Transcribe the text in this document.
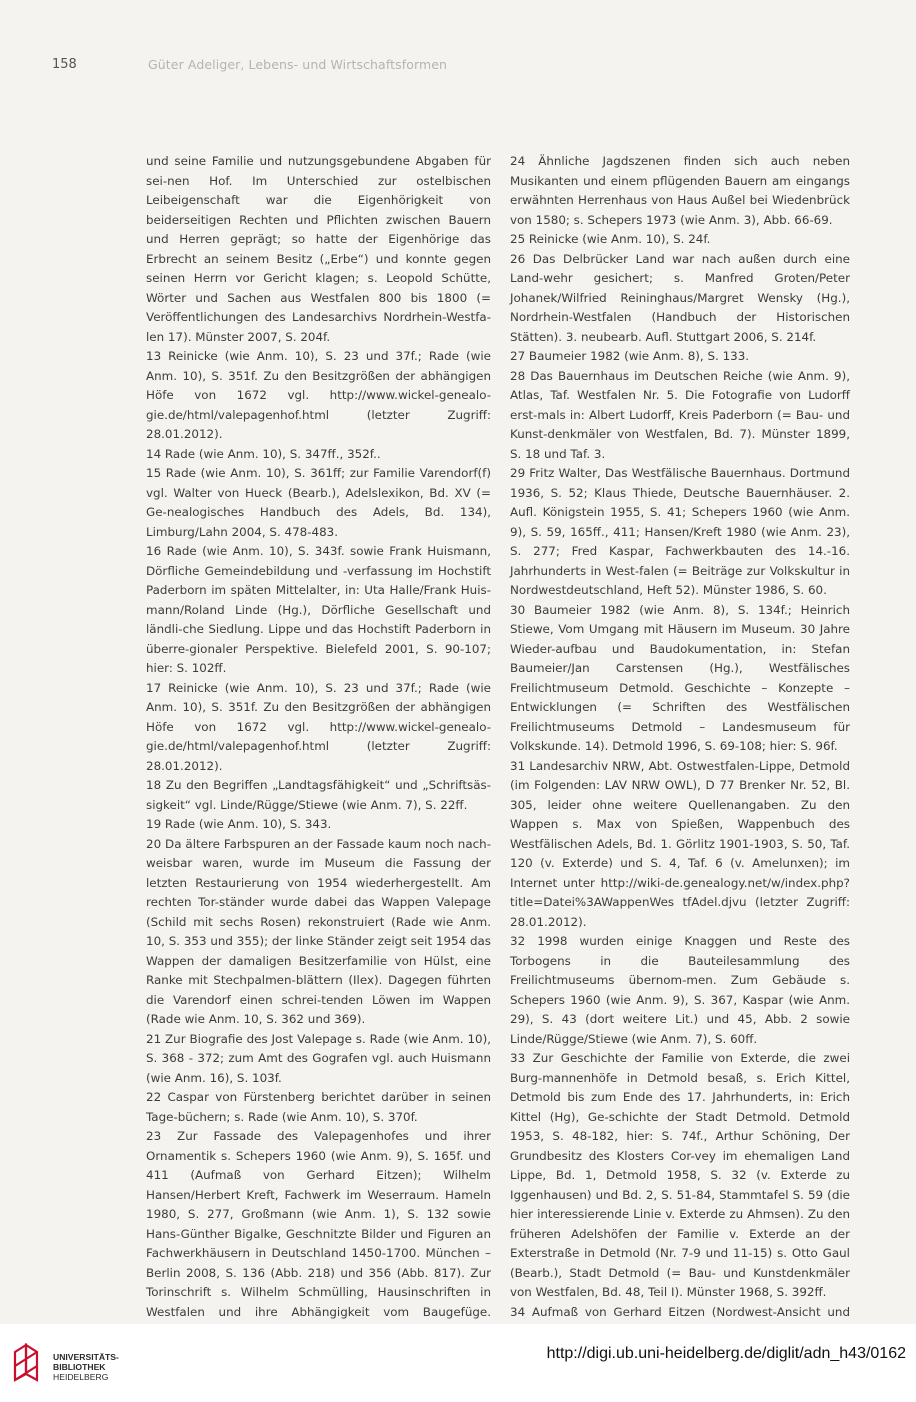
158	Güter Adeliger, Lebens- und Wirtschaftsformen

und seine Familie und nutzungsgebundene Abgaben für sei-nen Hof. Im Unterschied zur ostelbischen Leibeigenschaft war die Eigenhörigkeit von beiderseitigen Rechten und Pflichten zwischen Bauern und Herren geprägt; so hatte der Eigenhörige das Erbrecht an seinem Besitz („Erbe“) und konnte gegen seinen Herrn vor Gericht klagen; s. Leopold Schütte, Wörter und Sachen aus Westfalen 800 bis 1800 (= Veröffentlichungen des Landesarchivs Nordrhein-Westfa-len 17). Münster 2007, S. 204f.

13 Reinicke (wie Anm. 10), S. 23 und 37f.; Rade (wie Anm. 10), S. 351f. Zu den Besitzgrößen der abhängigen Höfe von 1672 vgl. http://www.wickel-genealo-gie.de/html/valepagenhof.html (letzter Zugriff: 28.01.2012).

14 Rade (wie Anm. 10), S. 347ff., 352f..

15 Rade (wie Anm. 10), S. 361ff; zur Familie Varendorf(f) vgl. Walter von Hueck (Bearb.), Adelslexikon, Bd. XV (= Ge-nealogisches Handbuch des Adels, Bd. 134), Limburg/Lahn 2004, S. 478-483.

16 Rade (wie Anm. 10), S. 343f. sowie Frank Huismann, Dörfliche Gemeindebildung und -verfassung im Hochstift Paderborn im späten Mittelalter, in: Uta Halle/Frank Huis-mann/Roland Linde (Hg.), Dörfliche Gesellschaft und ländli-che Siedlung. Lippe und das Hochstift Paderborn in überre-gionaler Perspektive. Bielefeld 2001, S. 90-107; hier: S. 102ff.

17 Reinicke (wie Anm. 10), S. 23 und 37f.; Rade (wie Anm. 10), S. 351f. Zu den Besitzgrößen der abhängigen Höfe von 1672 vgl. http://www.wickel-genealo-gie.de/html/valepagenhof.html (letzter Zugriff: 28.01.2012).

18 Zu den Begriffen „Landtagsfähigkeit“ und „Schriftsäs-sigkeit“ vgl. Linde/Rügge/Stiewe (wie Anm. 7), S. 22ff.

19 Rade (wie Anm. 10), S. 343.

20 Da ältere Farbspuren an der Fassade kaum noch nach-weisbar waren, wurde im Museum die Fassung der letzten Restaurierung von 1954 wiederhergestellt. Am rechten Tor-ständer wurde dabei das Wappen Valepage (Schild mit sechs Rosen) rekonstruiert (Rade wie Anm. 10, S. 353 und 355); der linke Ständer zeigt seit 1954 das Wappen der damaligen Besitzerfamilie von Hülst, eine Ranke mit Stechpalmen-blättern (Ilex). Dagegen führten die Varendorf einen schrei-tenden Löwen im Wappen (Rade wie Anm. 10, S. 362 und 369).

21 Zur Biografie des Jost Valepage s. Rade (wie Anm. 10), S. 368 - 372; zum Amt des Gografen vgl. auch Huismann (wie Anm. 16), S. 103f.

22 Caspar von Fürstenberg berichtet darüber in seinen Tage-büchern; s. Rade (wie Anm. 10), S. 370f.

23 Zur Fassade des Valepagenhofes und ihrer Ornamentik s. Schepers 1960 (wie Anm. 9), S. 165f. und 411 (Aufmaß von Gerhard Eitzen); Wilhelm Hansen/Herbert Kreft, Fachwerk im Weserraum. Hameln 1980, S. 277, Großmann (wie Anm. 1), S. 132 sowie Hans-Günther Bigalke, Geschnitzte Bilder und Figuren an Fachwerkhäusern in Deutschland 1450-1700. München – Berlin 2008, S. 136 (Abb. 218) und 356 (Abb. 817). Zur Torinschrift s. Wilhelm Schmülling, Hausinschriften in Westfalen und ihre Abhängigkeit vom Baugefüge.

24 Ähnliche Jagdszenen finden sich auch neben Musikanten und einem pflügenden Bauern am eingangs erwähnten Herrenhaus von Haus Außel bei Wiedenbrück von 1580; s. Schepers 1973 (wie Anm. 3), Abb. 66-69.

25 Reinicke (wie Anm. 10), S. 24f.

26 Das Delbrücker Land war nach außen durch eine Land-wehr gesichert; s. Manfred Groten/Peter Johanek/Wilfried Reininghaus/Margret Wensky (Hg.), Nordrhein-Westfalen (Handbuch der Historischen Stätten). 3. neubearb. Aufl. Stuttgart 2006, S. 214f.

27 Baumeier 1982 (wie Anm. 8), S. 133.

28 Das Bauernhaus im Deutschen Reiche (wie Anm. 9), Atlas, Taf. Westfalen Nr. 5. Die Fotografie von Ludorff erst-mals in: Albert Ludorff, Kreis Paderborn (= Bau- und Kunst-denkmäler von Westfalen, Bd. 7). Münster 1899, S. 18 und Taf. 3.

29 Fritz Walter, Das Westfälische Bauernhaus. Dortmund 1936, S. 52; Klaus Thiede, Deutsche Bauernhäuser. 2. Aufl. Königstein 1955, S. 41; Schepers 1960 (wie Anm. 9), S. 59, 165ff., 411; Hansen/Kreft 1980 (wie Anm. 23), S. 277; Fred Kaspar, Fachwerkbauten des 14.-16. Jahrhunderts in West-falen (= Beiträge zur Volkskultur in Nordwestdeutschland, Heft 52). Münster 1986, S. 60.

30 Baumeier 1982 (wie Anm. 8), S. 134f.; Heinrich Stiewe, Vom Umgang mit Häusern im Museum. 30 Jahre Wieder-aufbau und Baudokumentation, in: Stefan Baumeier/Jan Carstensen (Hg.), Westfälisches Freilichtmuseum Detmold. Geschichte – Konzepte – Entwicklungen (= Schriften des Westfälischen Freilichtmuseums Detmold – Landesmuseum für Volkskunde. 14). Detmold 1996, S. 69-108; hier: S. 96f.

31 Landesarchiv NRW, Abt. Ostwestfalen-Lippe, Detmold (im Folgenden: LAV NRW OWL), D 77 Brenker Nr. 52, Bl. 305, leider ohne weitere Quellenangaben. Zu den Wappen s. Max von Spießen, Wappenbuch des Westfälischen Adels, Bd. 1. Görlitz 1901-1903, S. 50, Taf. 120 (v. Exterde) und S. 4, Taf. 6 (v. Amelunxen); im Internet unter http://wiki-de.genealogy.net/w/index.php?title=Datei%3AWappenWes tfAdel.djvu (letzter Zugriff: 28.01.2012).

32 1998 wurden einige Knaggen und Reste des Torbogens in die Bauteilesammlung des Freilichtmuseums übernom-men. Zum Gebäude s. Schepers 1960 (wie Anm. 9), S. 367, Kaspar (wie Anm. 29), S. 43 (dort weitere Lit.) und 45, Abb. 2 sowie Linde/Rügge/Stiewe (wie Anm. 7), S. 60ff.

33 Zur Geschichte der Familie von Exterde, die zwei Burg-mannenhöfe in Detmold besaß, s. Erich Kittel, Detmold bis zum Ende des 17. Jahrhunderts, in: Erich Kittel (Hg), Ge-schichte der Stadt Detmold. Detmold 1953, S. 48-182, hier: S. 74f., Arthur Schöning, Der Grundbesitz des Klosters Cor-vey im ehemaligen Land Lippe, Bd. 1, Detmold 1958, S. 32 (v. Exterde zu Iggenhausen) und Bd. 2, S. 51-84, Stammtafel S. 59 (die hier interessierende Linie v. Exterde zu Ahmsen). Zu den früheren Adelshöfen der Familie v. Exterde an der Exterstraße in Detmold (Nr. 7-9 und 11-15) s. Otto Gaul (Bearb.), Stadt Detmold (= Bau- und Kunstdenkmäler von Westfalen, Bd. 48, Teil I). Münster 1968, S. 392ff.

34 Aufmaß von Gerhard Eitzen (Nordwest-Ansicht und

UNIVERSITÄTS-
BIBLIOTHEK
HEIDELBERG
http://digi.ub.uni-heidelberg.de/diglit/adn_h43/0162
